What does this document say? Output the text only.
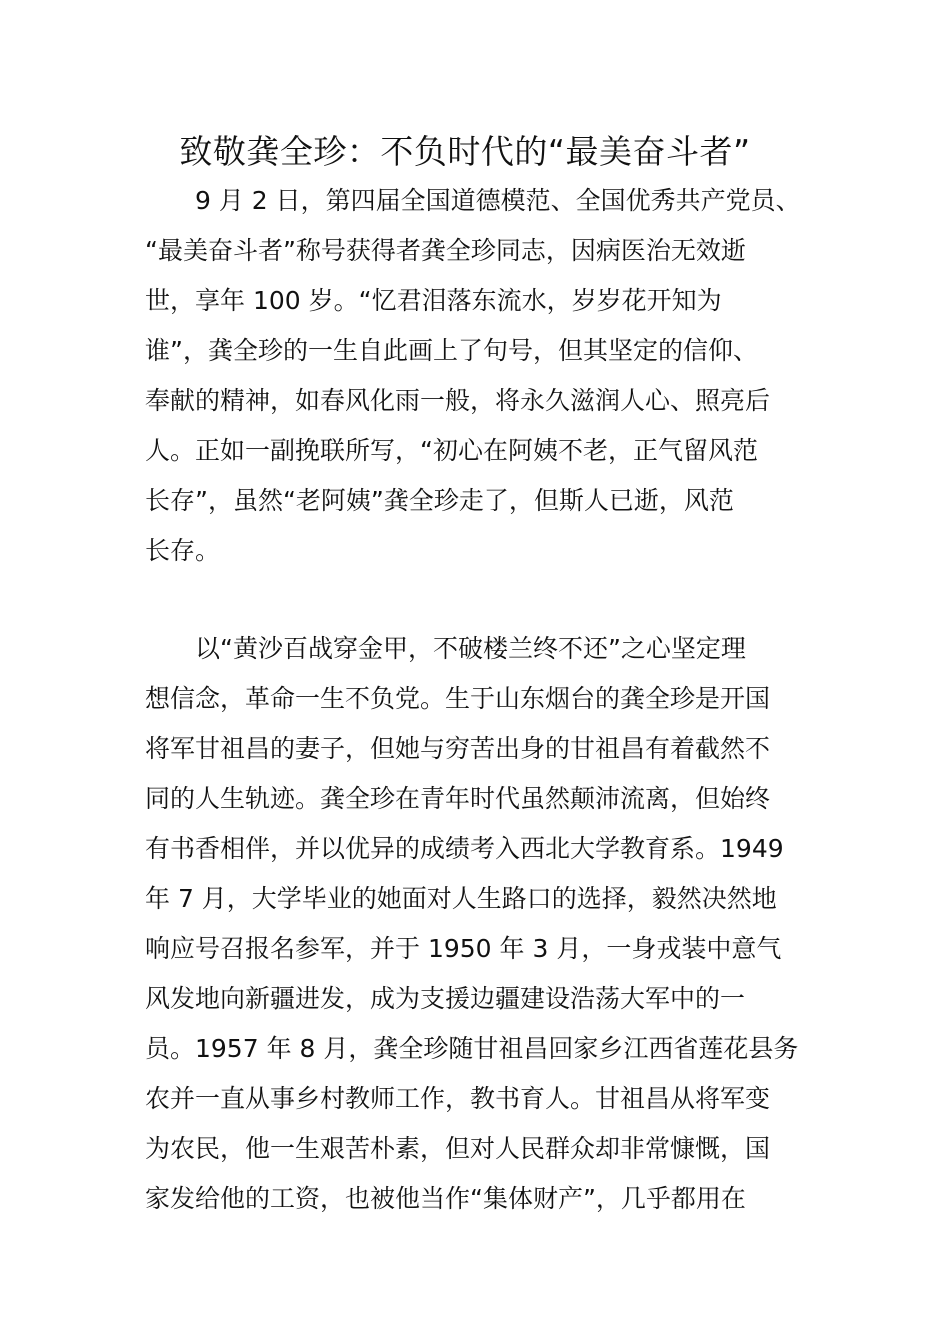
致敬龚全珍：不负时代的“最美奋斗者”

　　9 月 2 日，第四届全国道德模范、全国优秀共产党员、

“最美奋斗者”称号获得者龚全珍同志，因病医治无效逝

世，享年 100 岁。“忆君泪落东流水，岁岁花开知为

谁”，龚全珍的一生自此画上了句号，但其坚定的信仰、

奉献的精神，如春风化雨一般，将永久滋润人心、照亮后

人。正如一副挽联所写，“初心在阿姨不老，正气留风范

长存”，虽然“老阿姨”龚全珍走了，但斯人已逝，风范

长存。

　　以“黄沙百战穿金甲，不破楼兰终不还”之心坚定理

想信念，革命一生不负党。生于山东烟台的龚全珍是开国

将军甘祖昌的妻子，但她与穷苦出身的甘祖昌有着截然不

同的人生轨迹。龚全珍在青年时代虽然颠沛流离，但始终

有书香相伴，并以优异的成绩考入西北大学教育系。1949

年 7 月，大学毕业的她面对人生路口的选择，毅然决然地

响应号召报名参军，并于 1950 年 3 月，一身戎装中意气

风发地向新疆进发，成为支援边疆建设浩荡大军中的一

员。1957 年 8 月，龚全珍随甘祖昌回家乡江西省莲花县务

农并一直从事乡村教师工作，教书育人。甘祖昌从将军变

为农民，他一生艰苦朴素，但对人民群众却非常慷慨，国

家发给他的工资，也被他当作“集体财产”，几乎都用在
